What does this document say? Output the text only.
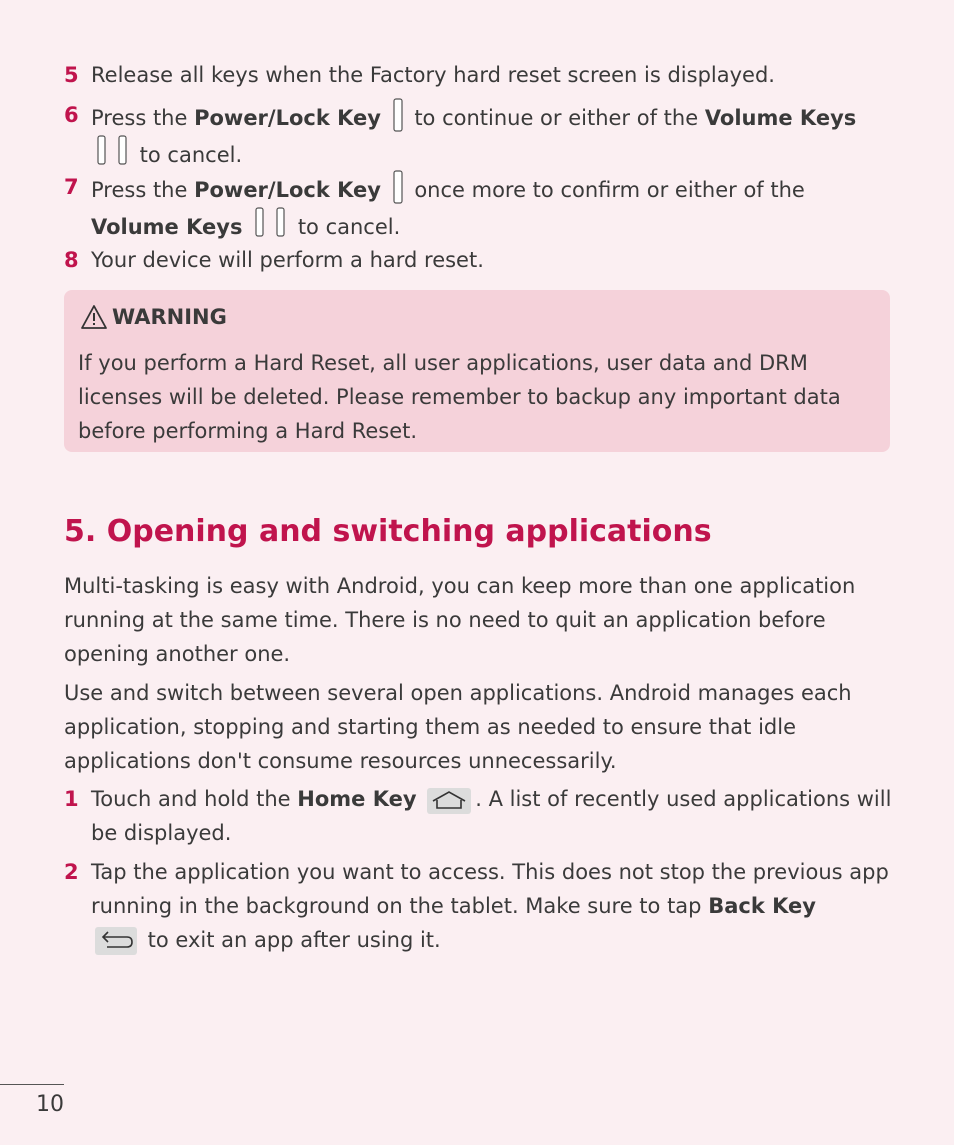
5 Release all keys when the Factory hard reset screen is displayed.
6 Press the Power/Lock Key  to continue or either of the Volume Keys  to cancel.
7 Press the Power/Lock Key  once more to confirm or either of the Volume Keys  to cancel.
8 Your device will perform a hard reset.
WARNING
If you perform a Hard Reset, all user applications, user data and DRM licenses will be deleted. Please remember to backup any important data before performing a Hard Reset.
5. Opening and switching applications
Multi-tasking is easy with Android, you can keep more than one application running at the same time. There is no need to quit an application before opening another one.
Use and switch between several open applications. Android manages each application, stopping and starting them as needed to ensure that idle applications don't consume resources unnecessarily.
1 Touch and hold the Home Key	. A list of recently used applications will be displayed.
2 Tap the application you want to access. This does not stop the previous app running in the background on the tablet. Make sure to tap Back Key
to exit an app after using it.
10
